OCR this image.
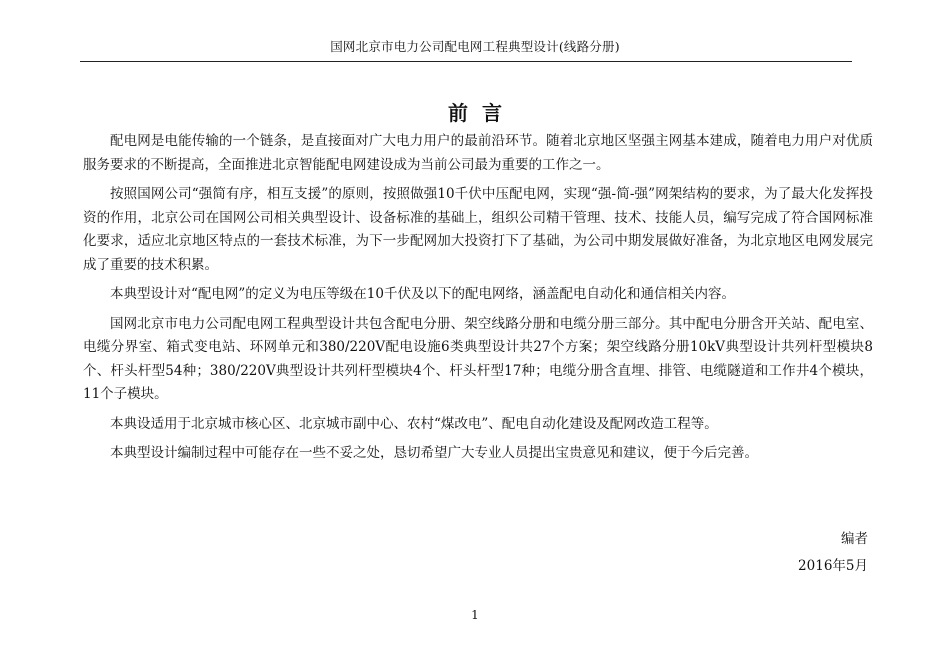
国网北京市电力公司配电网工程典型设计(线路分册)
前言

配电网是电能传输的一个链条，是直接面对广大电力用户的最前沿环节。随着北京地区坚强主网基本建成，随着电力用户对优质服务要求的不断提高，全面推进北京智能配电网建设成为当前公司最为重要的工作之一。

按照国网公司“强简有序，相互支援”的原则，按照做强10千伏中压配电网，实现“强-简-强”网架结构的要求，为了最大化发挥投资的作用，北京公司在国网公司相关典型设计、设备标准的基础上，组织公司精干管理、技术、技能人员，编写完成了符合国网标准化要求，适应北京地区特点的一套技术标准，为下一步配网加大投资打下了基础，为公司中期发展做好准备，为北京地区电网发展完成了重要的技术积累。

本典型设计对“配电网”的定义为电压等级在10千伏及以下的配电网络，涵盖配电自动化和通信相关内容。

国网北京市电力公司配电网工程典型设计共包含配电分册、架空线路分册和电缆分册三部分。其中配电分册含开关站、配电室、电缆分界室、箱式变电站、环网单元和380/220V配电设施6类典型设计共27个方案；架空线路分册10kV典型设计共列杆型模块8个、杆头杆型54种；380/220V典型设计共列杆型模块4个、杆头杆型17种；电缆分册含直埋、排管、电缆隧道和工作井4个模块，11个子模块。

本典设适用于北京城市核心区、北京城市副中心、农村“煤改电”、配电自动化建设及配网改造工程等。

本典型设计编制过程中可能存在一些不妥之处，恳切希望广大专业人员提出宝贵意见和建议，便于今后完善。

编者
2016年5月
1
